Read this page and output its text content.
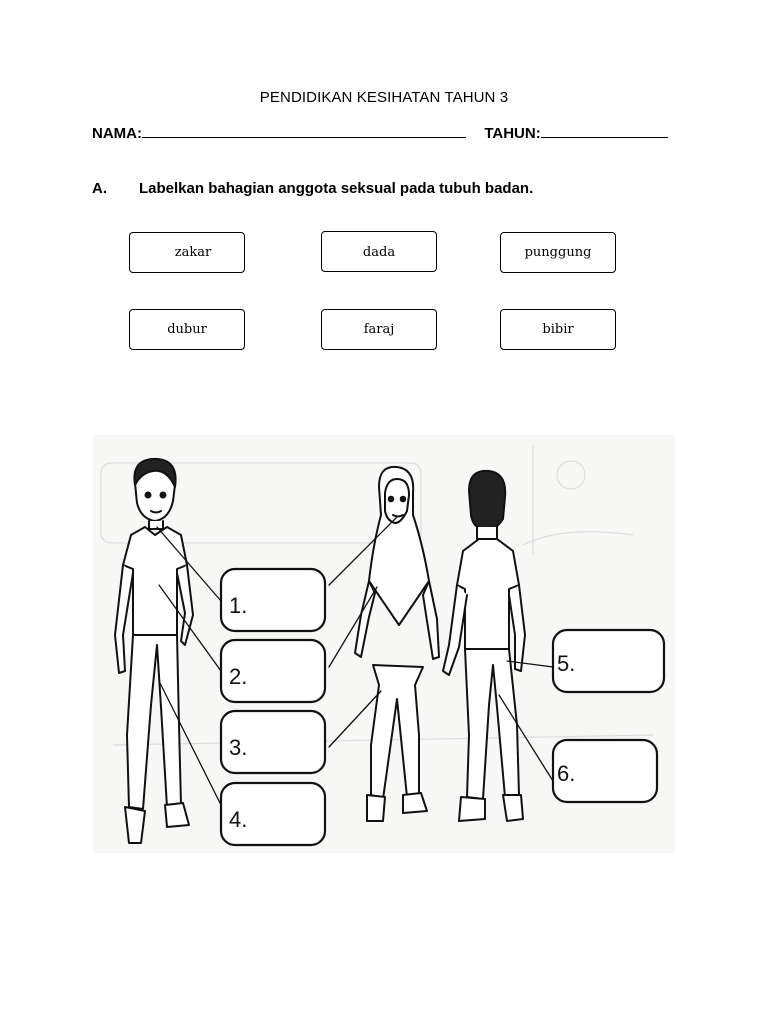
PENDIDIKAN KESIHATAN TAHUN 3
NAMA:	TAHUN:
A. Labelkan bahagian anggota seksual pada tubuh badan.
zakar	dada	punggung
dubur	faraj	bibir
1.
2.
3.
4.
5.
6.
